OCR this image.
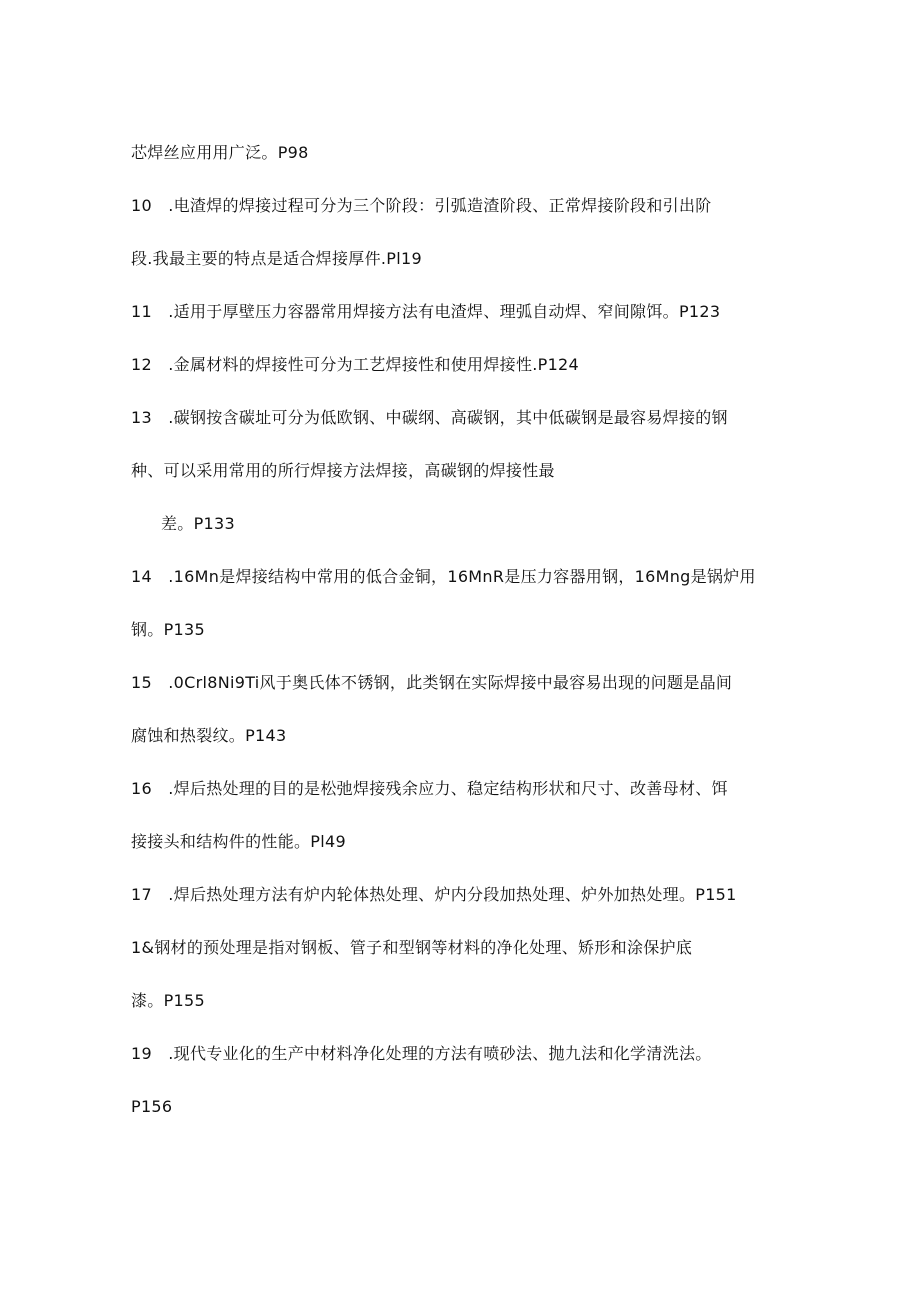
芯焊丝应用用广泛。P98
10　.电渣焊的焊接过程可分为三个阶段：引弧造渣阶段、正常焊接阶段和引出阶
段.我最主要的特点是适合焊接厚件.Pl19
11　.适用于厚壁压力容器常用焊接方法有电渣焊、理弧自动焊、窄间隙饵。P123
12　.金属材料的焊接性可分为工艺焊接性和使用焊接性.P124
13　.碳钢按含碳址可分为低欧钢、中碳纲、高碳钢，其中低碳钢是最容易焊接的钢
种、可以采用常用的所行焊接方法焊接，高碳钢的焊接性最
差。P133
14　.16Mn是焊接结构中常用的低合金铜，16MnR是压力容器用钢，16Mng是锅炉用
钢。P135
15　.0Crl8Ni9Ti风于奥氏体不锈钢，此类钢在实际焊接中最容易出现的问题是晶间
腐蚀和热裂纹。P143
16　.焊后热处理的目的是松弛焊接残余应力、稳定结构形状和尺寸、改善母材、饵
接接头和结构件的性能。Pl49
17　.焊后热处理方法有炉内轮体热处理、炉内分段加热处理、炉外加热处理。P151
1&钢材的预处理是指对钢板、管子和型钢等材料的净化处理、矫形和涂保护底
漆。P155
19　.现代专业化的生产中材料净化处理的方法有喷砂法、抛九法和化学清洗法。
P156
